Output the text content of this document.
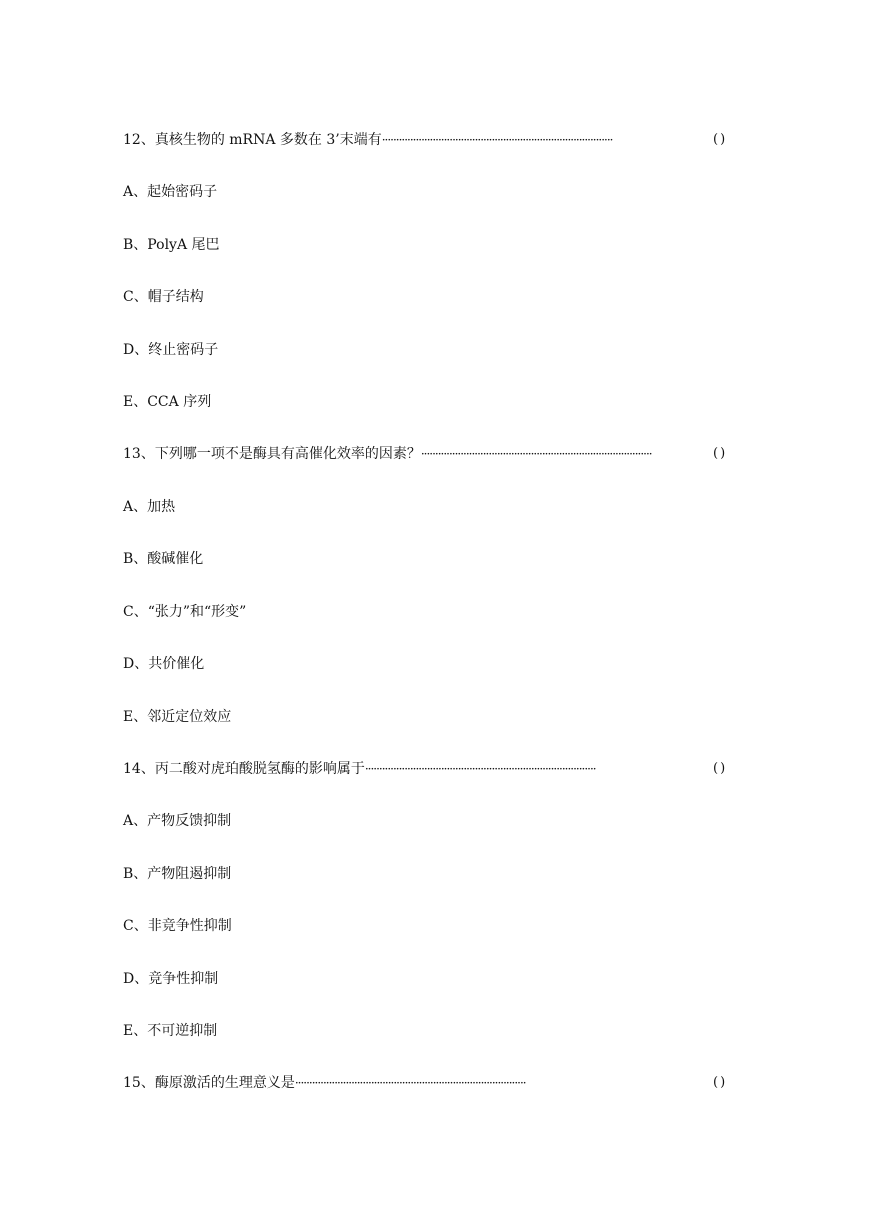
12、真核生物的 mRNA 多数在 3’末端有··················································································	()
A、起始密码子
B、PolyA 尾巴
C、帽子结构
D、终止密码子
E、CCA 序列
13、下列哪一项不是酶具有高催化效率的因素？··················································································	()
A、加热
B、酸碱催化
C、“张力”和“形变”
D、共价催化
E、邻近定位效应
14、丙二酸对虎珀酸脱氢酶的影响属于··················································································	()
A、产物反馈抑制
B、产物阻遏抑制
C、非竞争性抑制
D、竞争性抑制
E、不可逆抑制
15、酶原激活的生理意义是··················································································	()
